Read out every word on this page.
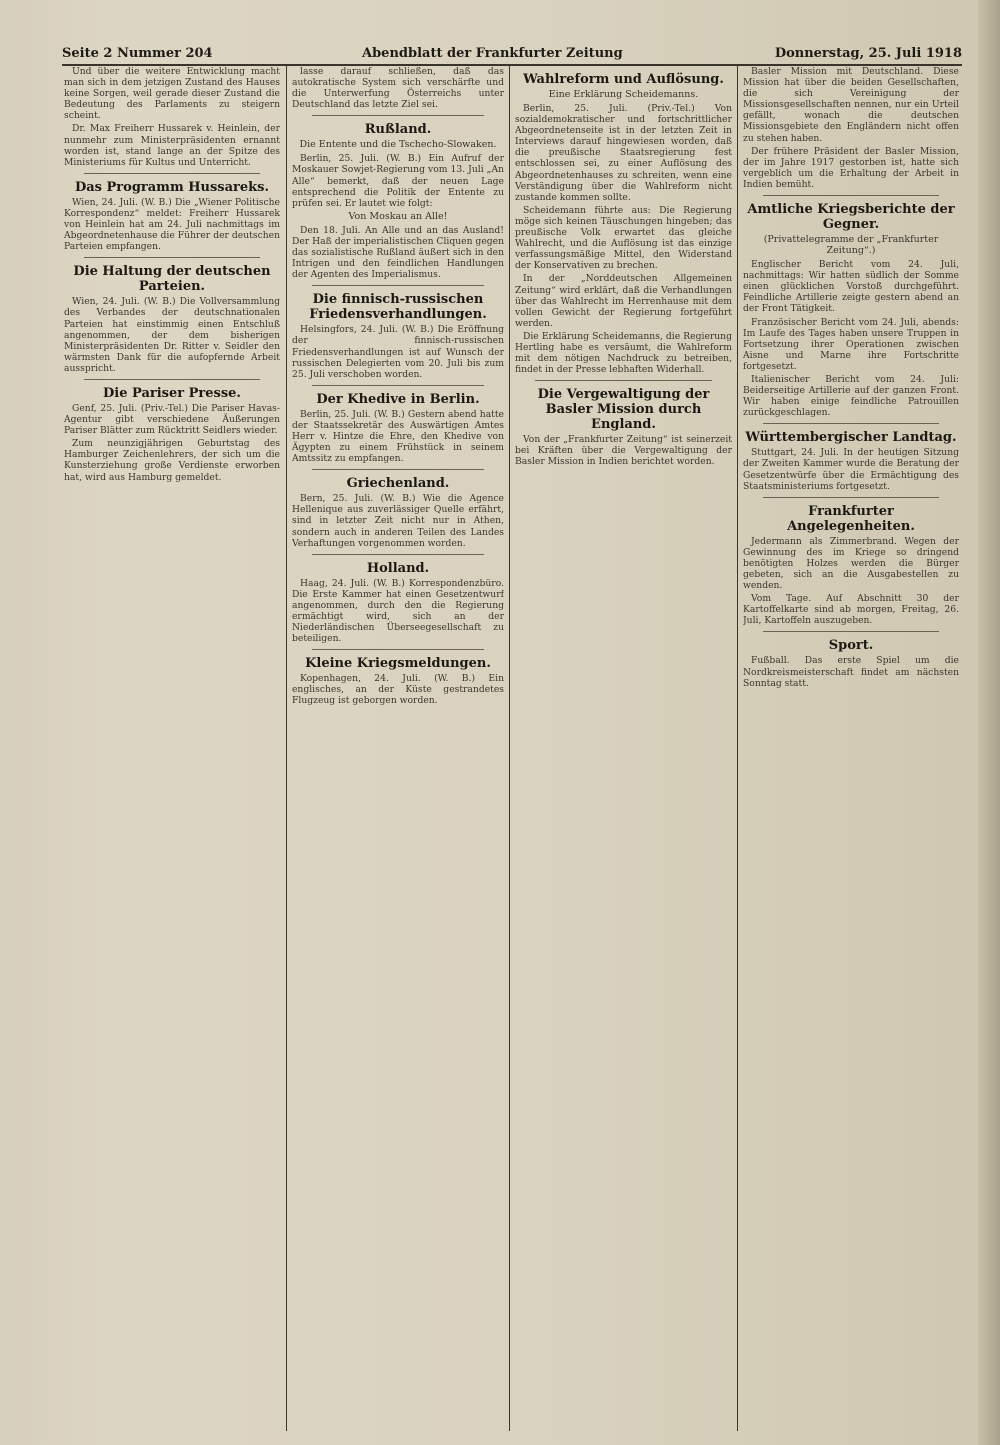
Seite 2 Nummer 204	Abendblatt der Frankfurter Zeitung	Donnerstag, 25. Juli 1918

Und über die weitere Entwicklung macht man sich in dem jetzigen Zustand des Hauses keine Sorgen, weil gerade dieser Zustand die Bedeutung des Parlaments zu steigern scheint.

Dr. Max Freiherr Hussarek v. Heinlein, der nunmehr zum Ministerpräsidenten ernannt worden ist, stand lange an der Spitze des Ministeriums für Kultus und Unterricht.

Das Programm Hussareks.

Wien, 24. Juli. (W. B.) Die „Wiener Politische Korrespondenz“ meldet: Freiherr Hussarek von Heinlein hat am 24. Juli nachmittags im Abgeordnetenhause die Führer der deutschen Parteien empfangen.

Die Haltung der deutschen Parteien.

Wien, 24. Juli. (W. B.) Die Vollversammlung des Verbandes der deutschnationalen Parteien hat einstimmig einen Entschluß angenommen, der dem bisherigen Ministerpräsidenten Dr. Ritter v. Seidler den wärmsten Dank für die aufopfernde Arbeit ausspricht.

Die Pariser Presse.

Genf, 25. Juli. (Priv.-Tel.) Die Pariser Havas-Agentur gibt verschiedene Äußerungen Pariser Blätter zum Rücktritt Seidlers wieder.

Zum neunzigjährigen Geburtstag des Hamburger Zeichenlehrers, der sich um die Kunsterziehung große Verdienste erworben hat, wird aus Hamburg gemeldet.

lasse darauf schließen, daß das autokratische System sich verschärfte und die Unterwerfung Österreichs unter Deutschland das letzte Ziel sei.

Rußland.
Die Entente und die Tschecho-Slowaken.

Berlin, 25. Juli. (W. B.) Ein Aufruf der Moskauer Sowjet-Regierung vom 13. Juli „An Alle“ bemerkt, daß der neuen Lage entsprechend die Politik der Entente zu prüfen sei. Er lautet wie folgt:

Von Moskau an Alle!

Den 18. Juli. An Alle und an das Ausland! Der Haß der imperialistischen Cliquen gegen das sozialistische Rußland äußert sich in den Intrigen und den feindlichen Handlungen der Agenten des Imperialismus.

Die finnisch-russischen Friedensverhandlungen.

Helsingfors, 24. Juli. (W. B.) Die Eröffnung der finnisch-russischen Friedensverhandlungen ist auf Wunsch der russischen Delegierten vom 20. Juli bis zum 25. Juli verschoben worden.

Der Khedive in Berlin.

Berlin, 25. Juli. (W. B.) Gestern abend hatte der Staatssekretär des Auswärtigen Amtes Herr v. Hintze die Ehre, den Khedive von Ägypten zu einem Frühstück in seinem Amtssitz zu empfangen.

Griechenland.

Bern, 25. Juli. (W. B.) Wie die Agence Hellenique aus zuverlässiger Quelle erfährt, sind in letzter Zeit nicht nur in Athen, sondern auch in anderen Teilen des Landes Verhaftungen vorgenommen worden.

Holland.

Haag, 24. Juli. (W. B.) Korrespondenzbüro. Die Erste Kammer hat einen Gesetzentwurf angenommen, durch den die Regierung ermächtigt wird, sich an der Niederländischen Überseegesellschaft zu beteiligen.

Kleine Kriegsmeldungen.

Kopenhagen, 24. Juli. (W. B.) Ein englisches, an der Küste gestrandetes Flugzeug ist geborgen worden.

Wahlreform und Auflösung.
Eine Erklärung Scheidemanns.

Berlin, 25. Juli. (Priv.-Tel.) Von sozialdemokratischer und fortschrittlicher Abgeordnetenseite ist in der letzten Zeit in Interviews darauf hingewiesen worden, daß die preußische Staatsregierung fest entschlossen sei, zu einer Auflösung des Abgeordnetenhauses zu schreiten, wenn eine Verständigung über die Wahlreform nicht zustande kommen sollte.

Scheidemann führte aus: Die Regierung möge sich keinen Täuschungen hingeben; das preußische Volk erwartet das gleiche Wahlrecht, und die Auflösung ist das einzige verfassungsmäßige Mittel, den Widerstand der Konservativen zu brechen.

In der „Norddeutschen Allgemeinen Zeitung“ wird erklärt, daß die Verhandlungen über das Wahlrecht im Herrenhause mit dem vollen Gewicht der Regierung fortgeführt werden.

Die Erklärung Scheidemanns, die Regierung Hertling habe es versäumt, die Wahlreform mit dem nötigen Nachdruck zu betreiben, findet in der Presse lebhaften Widerhall.

Die Vergewaltigung der Basler Mission durch England.

Von der „Frankfurter Zeitung“ ist seinerzeit bei Kräften über die Vergewaltigung der Basler Mission in Indien berichtet worden.

Basler Mission mit Deutschland. Diese Mission hat über die beiden Gesellschaften, die sich Vereinigung der Missionsgesellschaften nennen, nur ein Urteil gefällt, wonach die deutschen Missionsgebiete den Engländern nicht offen zu stehen haben.

Der frühere Präsident der Basler Mission, der im Jahre 1917 gestorben ist, hatte sich vergeblich um die Erhaltung der Arbeit in Indien bemüht.

Amtliche Kriegsberichte der Gegner.
(Privattelegramme der „Frankfurter Zeitung“.)

Englischer Bericht vom 24. Juli, nachmittags: Wir hatten südlich der Somme einen glücklichen Vorstoß durchgeführt. Feindliche Artillerie zeigte gestern abend an der Front Tätigkeit.

Französischer Bericht vom 24. Juli, abends: Im Laufe des Tages haben unsere Truppen in Fortsetzung ihrer Operationen zwischen Aisne und Marne ihre Fortschritte fortgesetzt.

Italienischer Bericht vom 24. Juli: Beiderseitige Artillerie auf der ganzen Front. Wir haben einige feindliche Patrouillen zurückgeschlagen.

Württembergischer Landtag.

Stuttgart, 24. Juli. In der heutigen Sitzung der Zweiten Kammer wurde die Beratung der Gesetzentwürfe über die Ermächtigung des Staatsministeriums fortgesetzt.

Frankfurter Angelegenheiten.

Jedermann als Zimmerbrand. Wegen der Gewinnung des im Kriege so dringend benötigten Holzes werden die Bürger gebeten, sich an die Ausgabestellen zu wenden.

Vom Tage. Auf Abschnitt 30 der Kartoffelkarte sind ab morgen, Freitag, 26. Juli, Kartoffeln auszugeben.

Sport.

Fußball. Das erste Spiel um die Nordkreismeisterschaft findet am nächsten Sonntag statt.
